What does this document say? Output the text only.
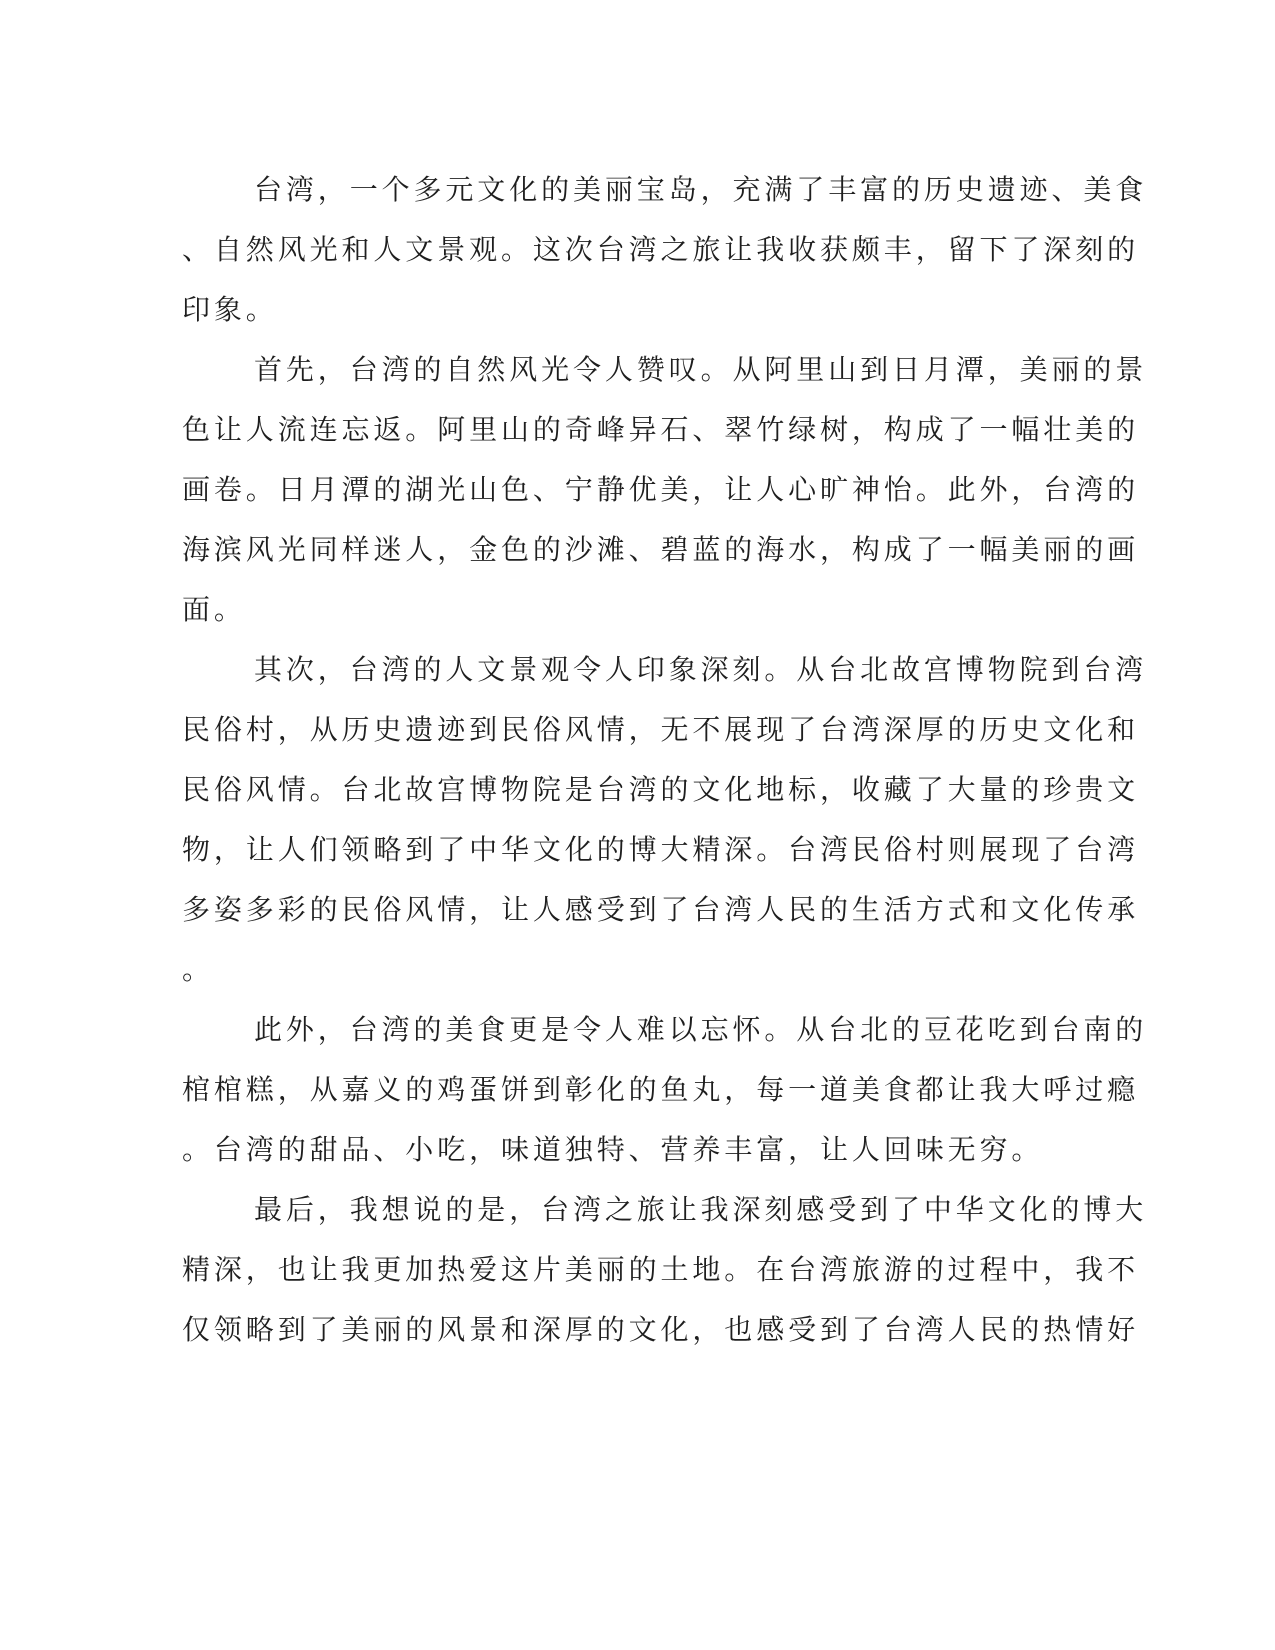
台湾，一个多元文化的美丽宝岛，充满了丰富的历史遗迹、美食
、自然风光和人文景观。这次台湾之旅让我收获颇丰，留下了深刻的
印象。
首先，台湾的自然风光令人赞叹。从阿里山到日月潭，美丽的景
色让人流连忘返。阿里山的奇峰异石、翠竹绿树，构成了一幅壮美的
画卷。日月潭的湖光山色、宁静优美，让人心旷神怡。此外，台湾的
海滨风光同样迷人，金色的沙滩、碧蓝的海水，构成了一幅美丽的画
面。
其次，台湾的人文景观令人印象深刻。从台北故宫博物院到台湾
民俗村，从历史遗迹到民俗风情，无不展现了台湾深厚的历史文化和
民俗风情。台北故宫博物院是台湾的文化地标，收藏了大量的珍贵文
物，让人们领略到了中华文化的博大精深。台湾民俗村则展现了台湾
多姿多彩的民俗风情，让人感受到了台湾人民的生活方式和文化传承
。
此外，台湾的美食更是令人难以忘怀。从台北的豆花吃到台南的
棺棺糕，从嘉义的鸡蛋饼到彰化的鱼丸，每一道美食都让我大呼过瘾
。台湾的甜品、小吃，味道独特、营养丰富，让人回味无穷。
最后，我想说的是，台湾之旅让我深刻感受到了中华文化的博大
精深，也让我更加热爱这片美丽的土地。在台湾旅游的过程中，我不
仅领略到了美丽的风景和深厚的文化，也感受到了台湾人民的热情好
